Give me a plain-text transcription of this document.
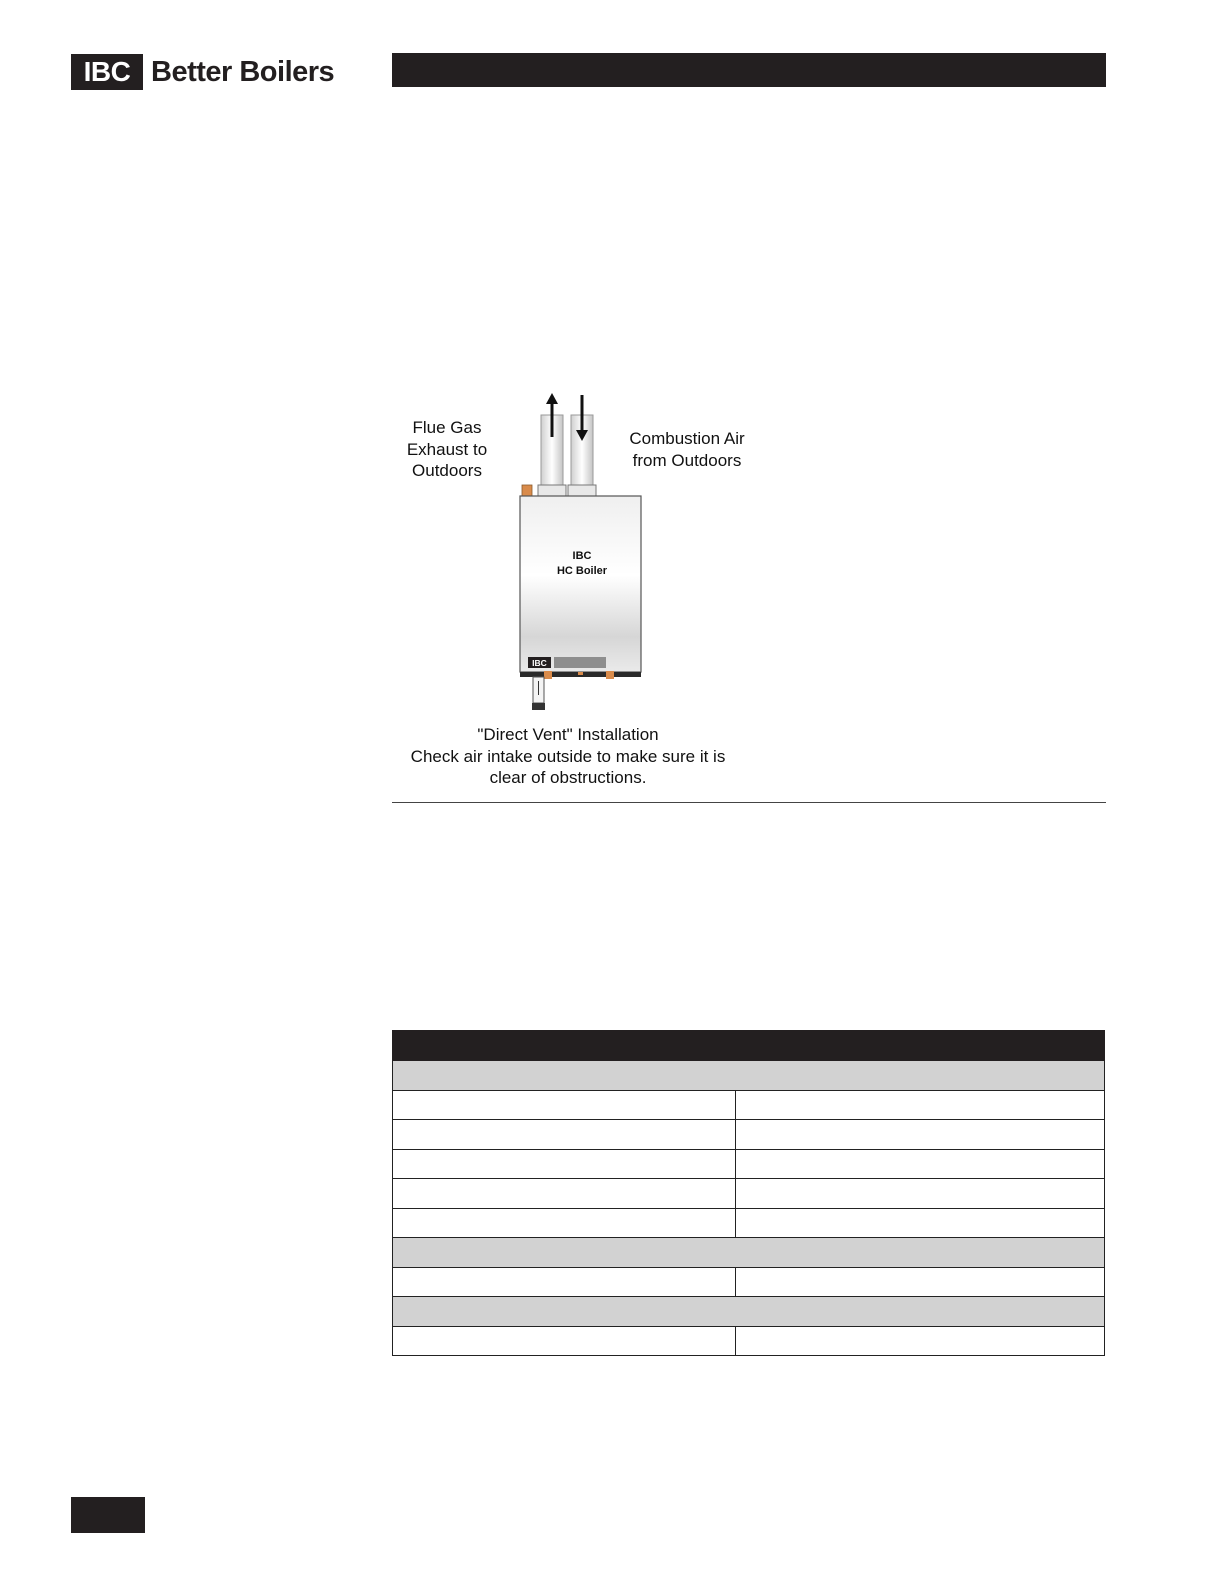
IBC Better Boilers
IBC
HC Boiler
IBC
Flue Gas
Exhaust to
Outdoors
Combustion Air
from Outdoors
"Direct Vent" Installation
Check air intake outside to make sure it is
clear of obstructions.
